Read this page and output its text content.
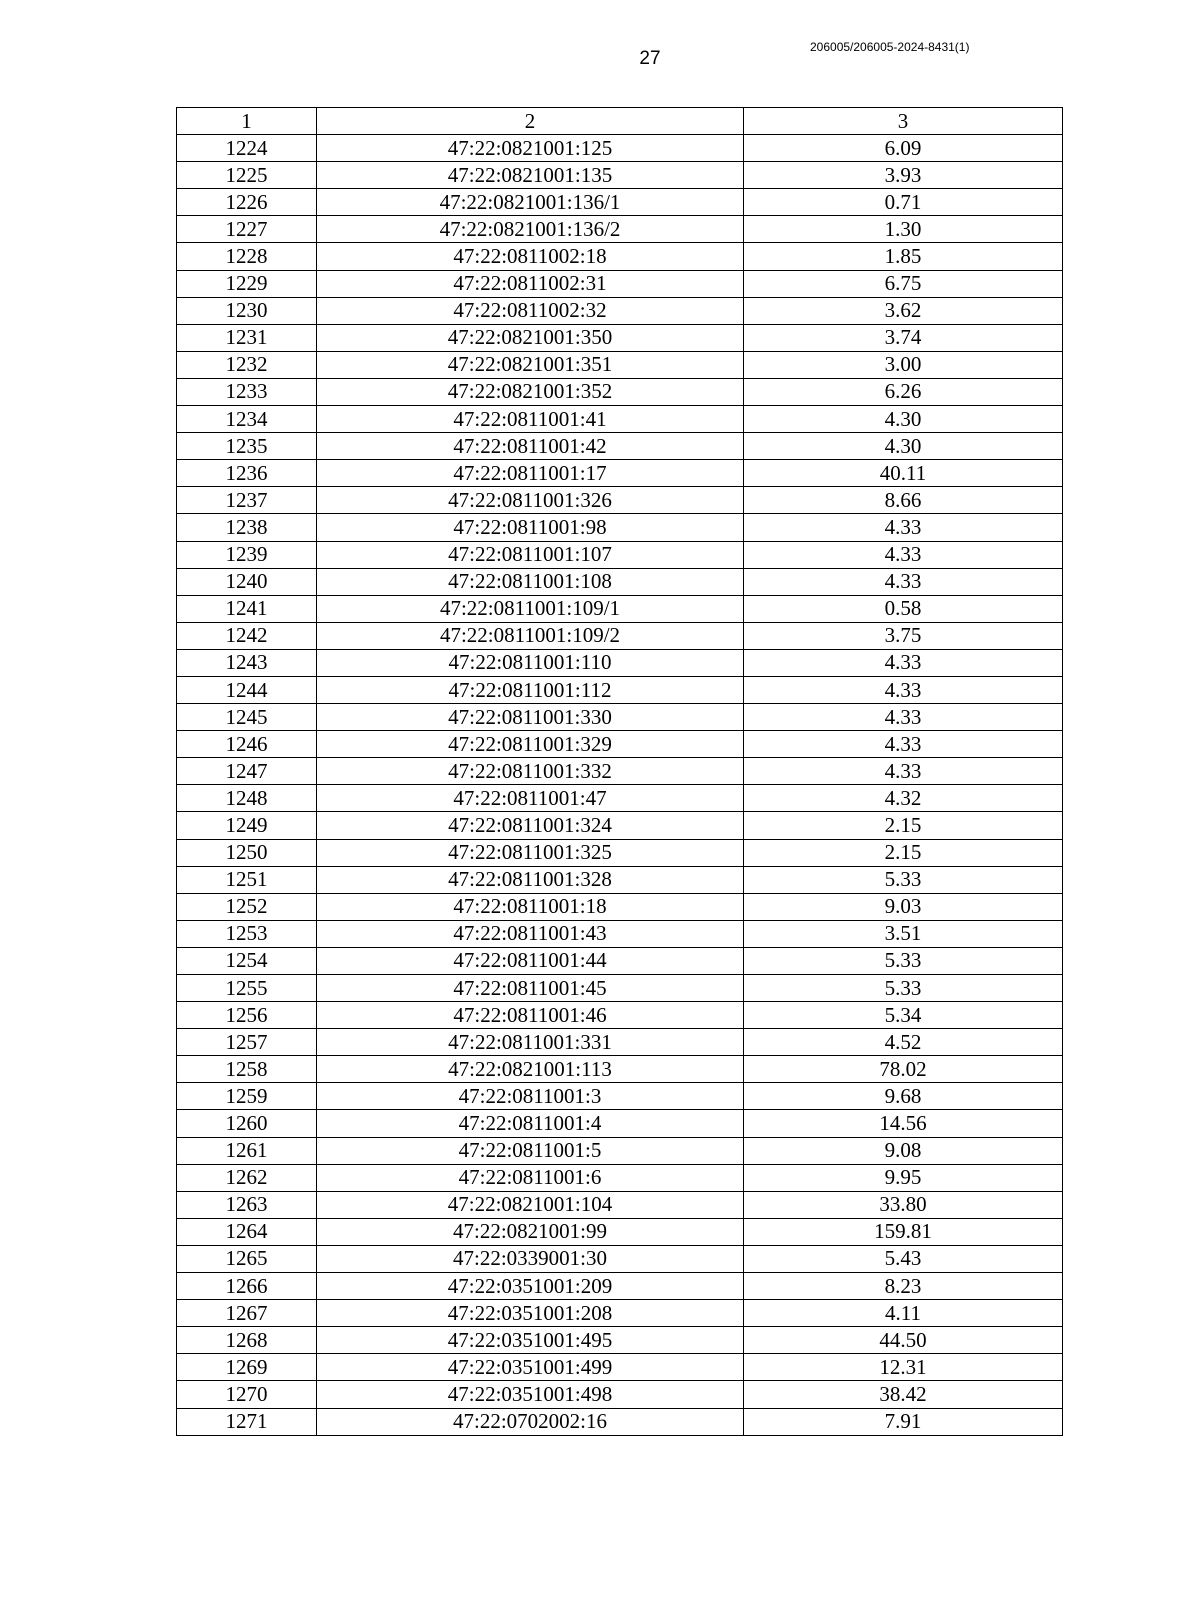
27
206005/206005-2024-8431(1)
1	2	3
1224	47:22:0821001:125	6.09
1225	47:22:0821001:135	3.93
1226	47:22:0821001:136/1	0.71
1227	47:22:0821001:136/2	1.30
1228	47:22:0811002:18	1.85
1229	47:22:0811002:31	6.75
1230	47:22:0811002:32	3.62
1231	47:22:0821001:350	3.74
1232	47:22:0821001:351	3.00
1233	47:22:0821001:352	6.26
1234	47:22:0811001:41	4.30
1235	47:22:0811001:42	4.30
1236	47:22:0811001:17	40.11
1237	47:22:0811001:326	8.66
1238	47:22:0811001:98	4.33
1239	47:22:0811001:107	4.33
1240	47:22:0811001:108	4.33
1241	47:22:0811001:109/1	0.58
1242	47:22:0811001:109/2	3.75
1243	47:22:0811001:110	4.33
1244	47:22:0811001:112	4.33
1245	47:22:0811001:330	4.33
1246	47:22:0811001:329	4.33
1247	47:22:0811001:332	4.33
1248	47:22:0811001:47	4.32
1249	47:22:0811001:324	2.15
1250	47:22:0811001:325	2.15
1251	47:22:0811001:328	5.33
1252	47:22:0811001:18	9.03
1253	47:22:0811001:43	3.51
1254	47:22:0811001:44	5.33
1255	47:22:0811001:45	5.33
1256	47:22:0811001:46	5.34
1257	47:22:0811001:331	4.52
1258	47:22:0821001:113	78.02
1259	47:22:0811001:3	9.68
1260	47:22:0811001:4	14.56
1261	47:22:0811001:5	9.08
1262	47:22:0811001:6	9.95
1263	47:22:0821001:104	33.80
1264	47:22:0821001:99	159.81
1265	47:22:0339001:30	5.43
1266	47:22:0351001:209	8.23
1267	47:22:0351001:208	4.11
1268	47:22:0351001:495	44.50
1269	47:22:0351001:499	12.31
1270	47:22:0351001:498	38.42
1271	47:22:0702002:16	7.91
